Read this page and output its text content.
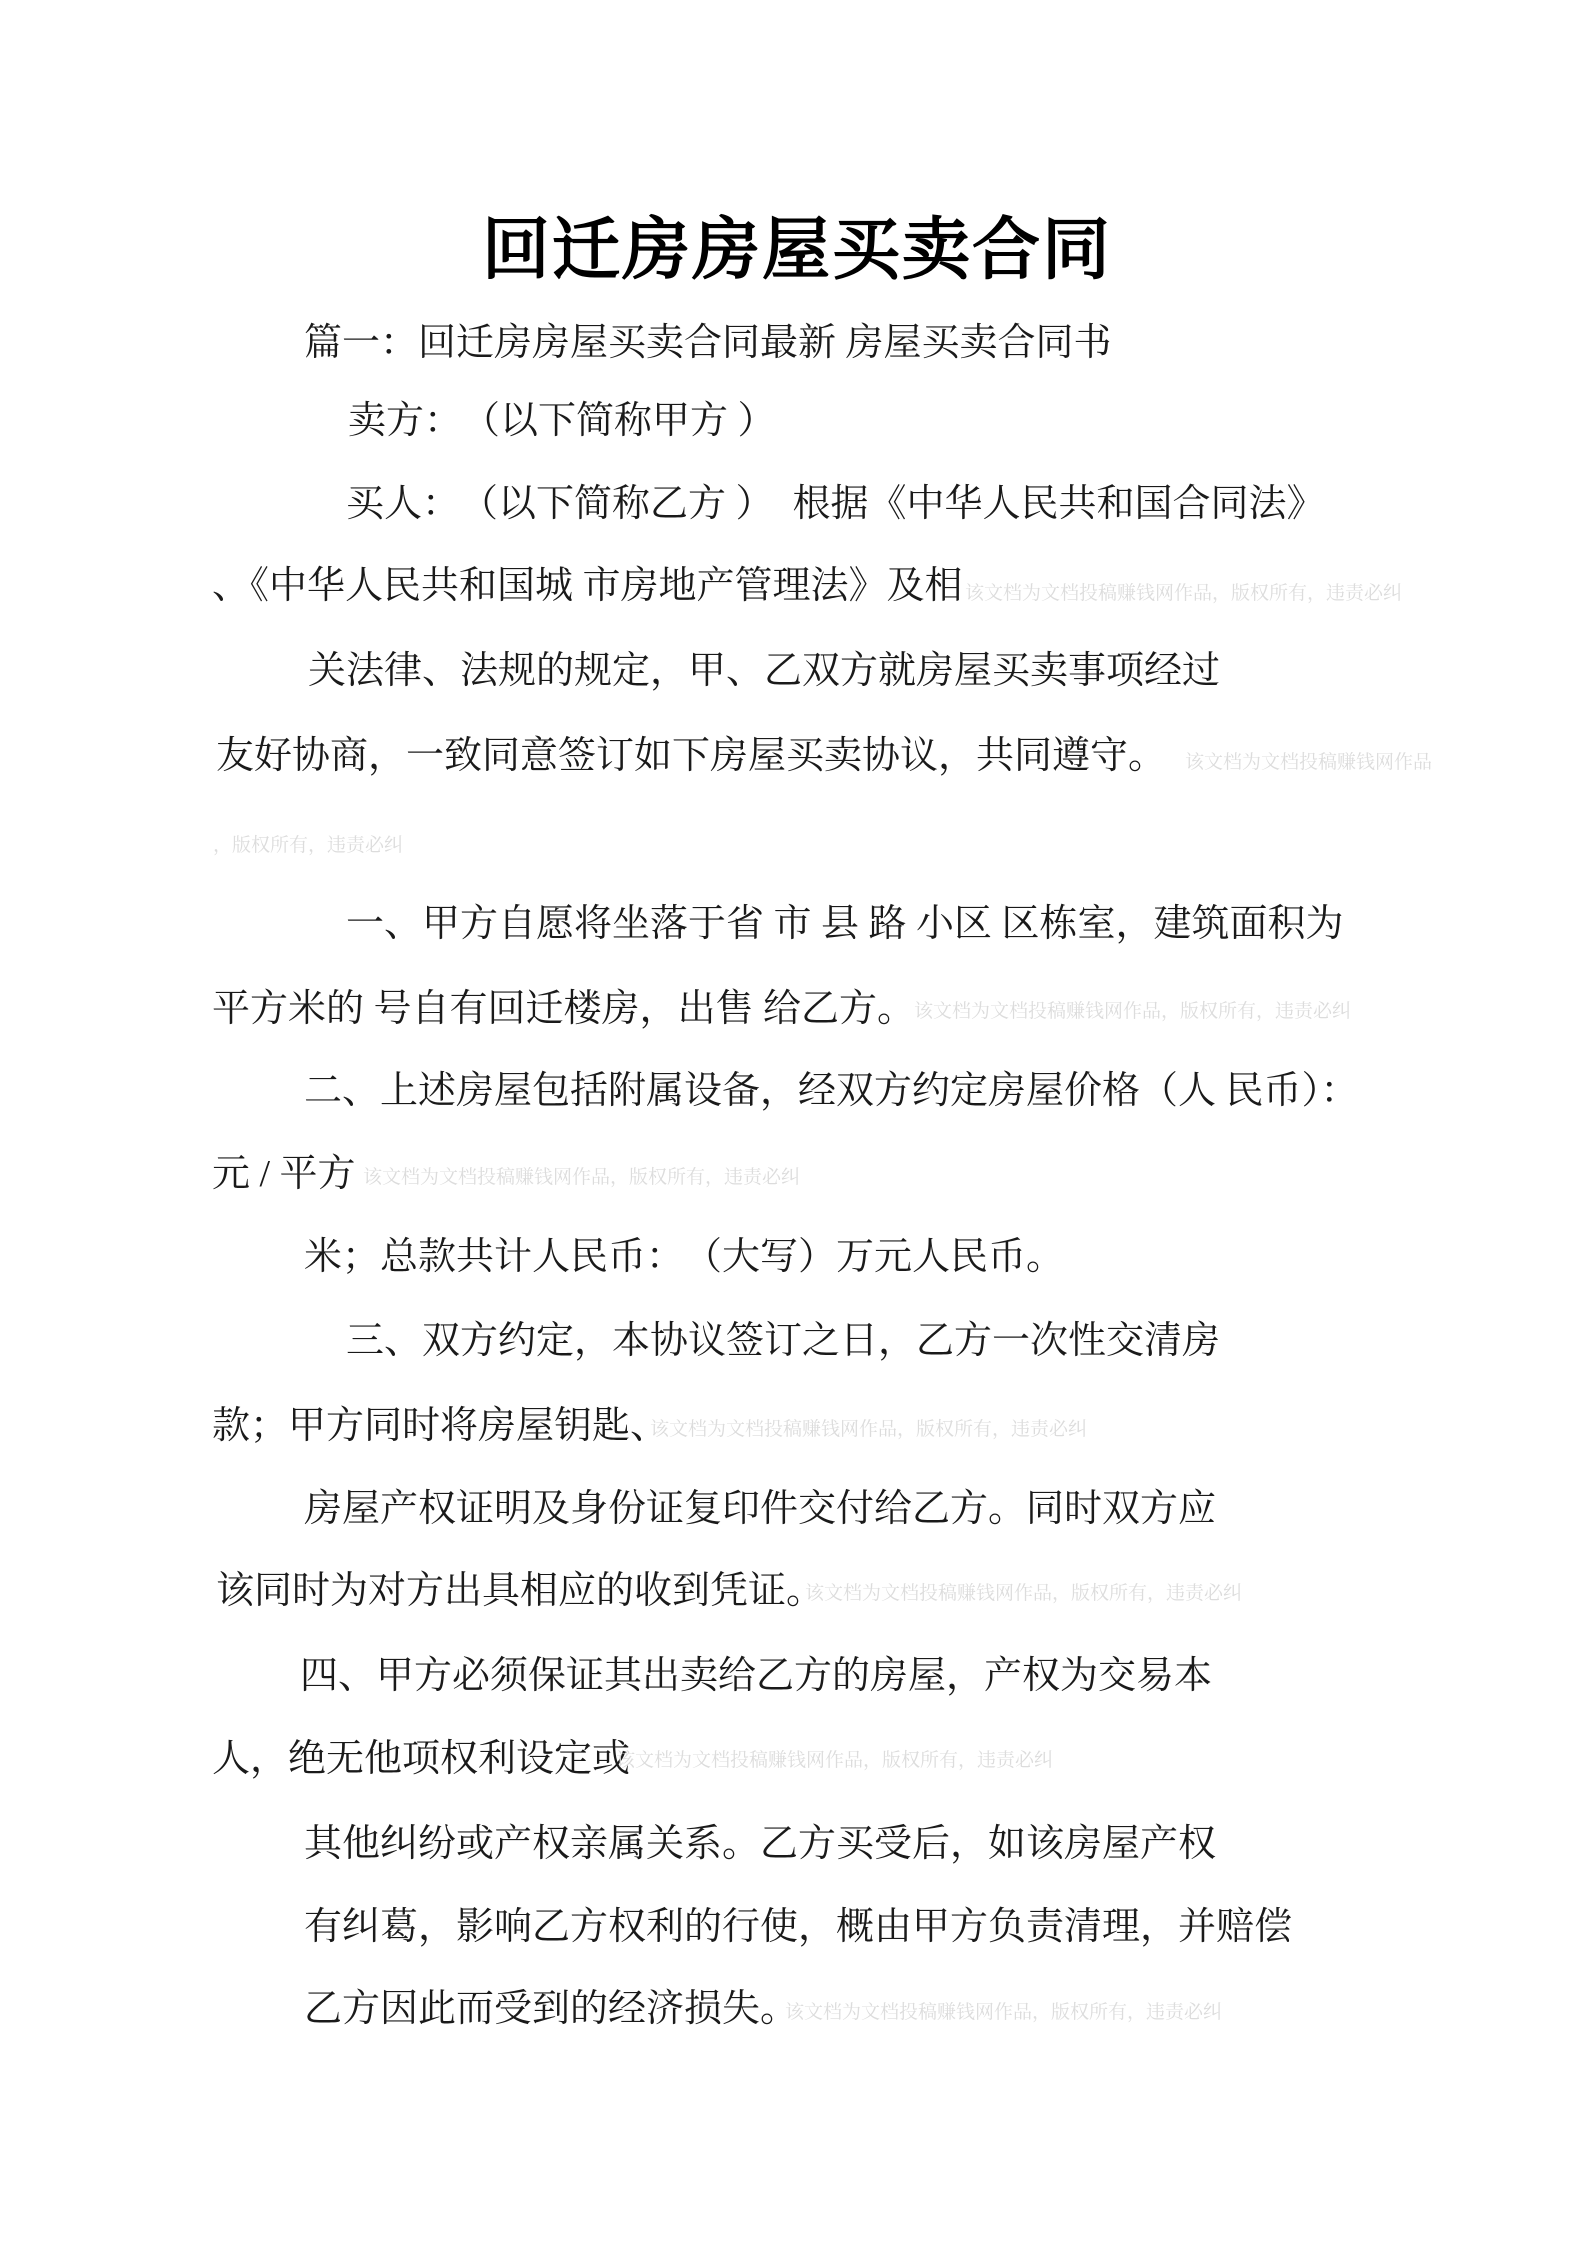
回迁房房屋买卖合同
篇一：回迁房房屋买卖合同最新 房屋买卖合同书
卖方：　（以下简称甲方 ）
买人：　（以下简称乙方 ）　根据《中华人民共和国合同法》
、《中华人民共和国城 市房地产管理法》及相
关法律、法规的规定，甲、乙双方就房屋买卖事项经过
友好协商，一致同意签订如下房屋买卖协议，共同遵守。
一、甲方自愿将坐落于省 市 县 路 小区 区栋室，建筑面积为
平方米的 号自有回迁楼房，出售 给乙方。
二、上述房屋包括附属设备，经双方约定房屋价格（人 民币）：
元 / 平方
米；总款共计人民币：　（大写）万元人民币。
三、双方约定，本协议签订之日，乙方一次性交清房
款；甲方同时将房屋钥匙、
房屋产权证明及身份证复印件交付给乙方。同时双方应
该同时为对方出具相应的收到凭证。
四、甲方必须保证其出卖给乙方的房屋，产权为交易本
人，绝无他项权利设定或
其他纠纷或产权亲属关系。乙方买受后，如该房屋产权
有纠葛，影响乙方权利的行使，概由甲方负责清理，并赔偿
乙方因此而受到的经济损失。
该文档为文档投稿赚钱网作品，版权所有，违责必纠
该文档为文档投稿赚钱网作品
，版权所有，违责必纠
该文档为文档投稿赚钱网作品，版权所有，违责必纠
该文档为文档投稿赚钱网作品，版权所有，违责必纠
该文档为文档投稿赚钱网作品，版权所有，违责必纠
该文档为文档投稿赚钱网作品，版权所有，违责必纠
该文档为文档投稿赚钱网作品，版权所有，违责必纠
该文档为文档投稿赚钱网作品，版权所有，违责必纠
